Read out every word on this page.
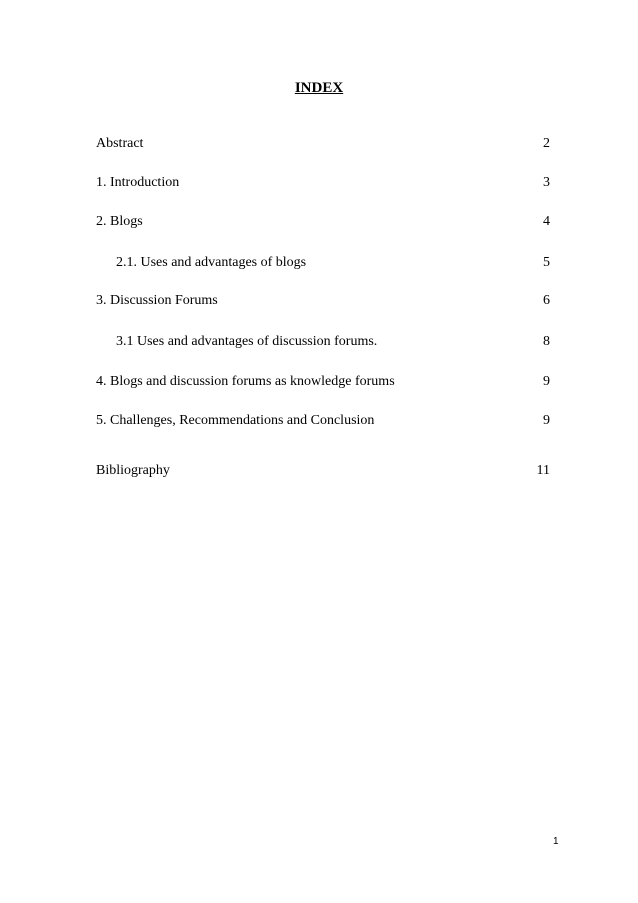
INDEX
Abstract	2
1. Introduction	3
2. Blogs	4
2.1. Uses and advantages of blogs	5
3. Discussion Forums	6
3.1 Uses and advantages of discussion forums.	8
4. Blogs and discussion forums as knowledge forums	9
5. Challenges, Recommendations and Conclusion	9
Bibliography	11
1
